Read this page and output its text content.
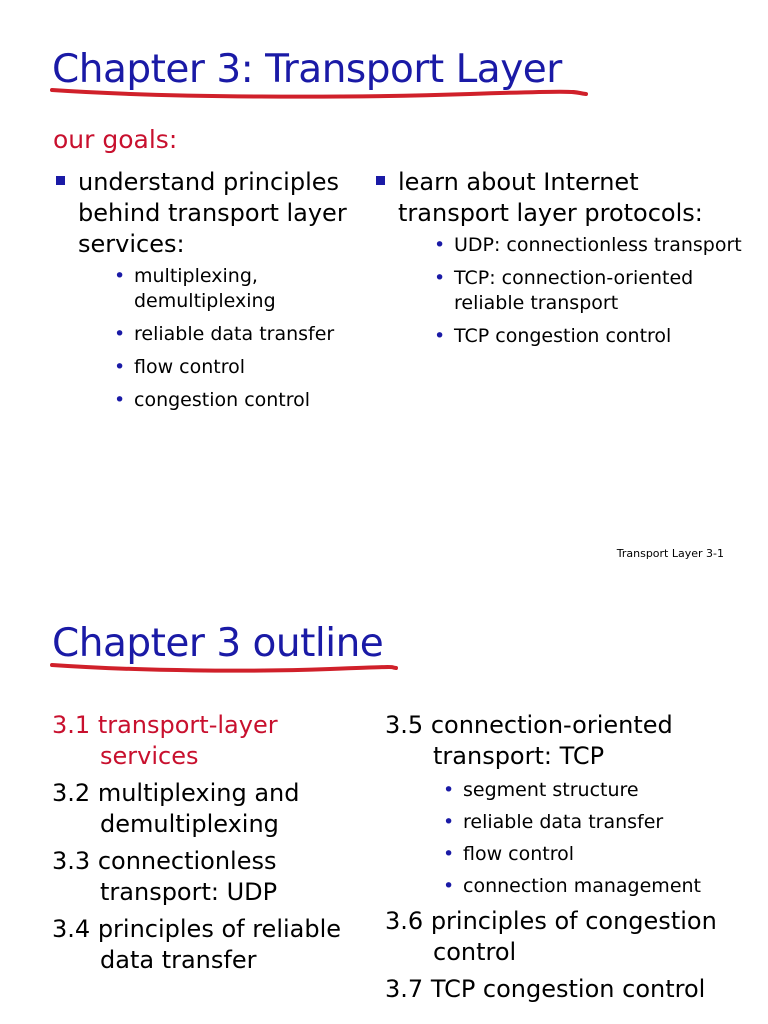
Chapter 3: Transport Layer
our goals:
understand principles behind transport layer services:
• multiplexing, demultiplexing
• reliable data transfer
• flow control
• congestion control
learn about Internet transport layer protocols:
• UDP: connectionless transport
• TCP: connection-oriented reliable transport
• TCP congestion control
Transport Layer 3-1
Chapter 3 outline
3.1 transport-layer services
3.2 multiplexing and demultiplexing
3.3 connectionless transport: UDP
3.4 principles of reliable data transfer
3.5 connection-oriented transport: TCP
• segment structure
• reliable data transfer
• flow control
• connection management
3.6 principles of congestion control
3.7 TCP congestion control
